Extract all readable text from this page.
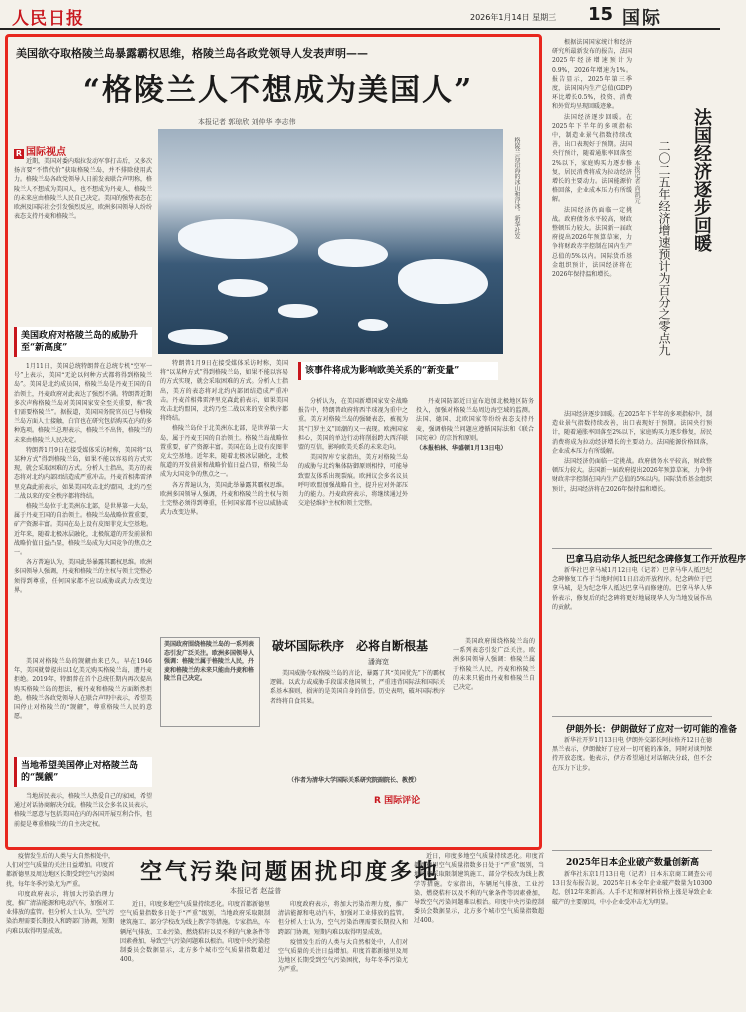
人民日报	2026年1月14日 星期三 15 国际
美国欲夺取格陵兰岛暴露霸权思维，格陵兰岛各政党领导人发表声明——
“格陵兰人不想成为美国人”
本报记者 郭琼欣 刘仲华 李志伟
R 国际视点

近期，美国对委内瑞拉发动军事打击后，又多次扬言要“不惜代价”获取格陵兰岛，并不排除使用武力。格陵兰岛各政党领导人日前发表联合声明称，格陵兰人不想成为美国人，也不想成为丹麦人，格陵兰的未来应由格陵兰人民自己决定。美国的强势表态在欧洲及国际社会引发强烈反应，欧洲多国领导人纷纷表态支持丹麦和格陵兰。

美国政府对格陵兰岛的威胁升至“新高度”

1月11日，美国总统特朗普在总统专机“空军一号”上表示，美国“无论以何种方式都将得到格陵兰岛”。美国是北约成员国，格陵兰岛是丹麦王国的自治领土，丹麦政府对此表达了强烈不满。特朗普近期多次声称格陵兰岛对美国国家安全至关重要，称“我们需要格陵兰”。据报道，美国国务院官员已与格陵兰岛方面人士接触，白宫也在研究包括购买在内的多种选项。格陵兰总理表示，格陵兰不出售，格陵兰的未来由格陵兰人民决定。

特朗普1月9日在接受媒体采访时称，美国将“以某种方式”得到格陵兰岛，如果不能以容易的方式实现，就会采取困难的方式。分析人士指出，美方的表态将对北约内部团结造成严重冲击。丹麦首相弗雷泽里克森此前表示，如果美国攻击北约盟国，北约乃至二战以来的安全秩序都将终结。

格陵兰岛位于北美洲东北部，是世界第一大岛，属于丹麦王国的自治领土。格陵兰岛战略位置重要，矿产资源丰富。美国在岛上设有皮图菲克太空基地。近年来，随着北极冰层融化，北极航道的开发前景和战略价值日益凸显，格陵兰岛成为大国竞争的焦点之一。

各方普遍认为，美国此举暴露其霸权思维。欧洲多国领导人强调，丹麦和格陵兰的主权与领土完整必须得到尊重，任何国家都不应以威胁或武力改变边界。

当地希望美国停止对格陵兰岛的“觊觎”

美国对格陵兰岛的觊觎由来已久。早在1946年，美国就曾提出以1亿美元购买格陵兰岛，遭丹麦拒绝。2019年，特朗普在首个总统任期内再次提出购买格陵兰岛的想法，被丹麦和格陵兰方面断然拒绝。格陵兰各政党领导人在联合声明中表示，希望美国停止对格陵兰的“觊觎”，尊重格陵兰人民的意愿。

当地居民表示，格陵兰人热爱自己的家园，希望通过对话协商解决分歧。格陵兰议会多名议员表示，格陵兰愿意与包括美国在内的各国开展互利合作，但前提是尊重格陵兰的自主决定权。

格陵兰岛沿海的冰山和浮冰。新华社发

特朗普1月9日在接受媒体采访时称，美国将“以某种方式”得到格陵兰岛，如果不能以容易的方式实现，就会采取困难的方式。分析人士指出，美方的表态将对北约内部团结造成严重冲击。丹麦首相弗雷泽里克森此前表示，如果美国攻击北约盟国，北约乃至二战以来的安全秩序都将终结。

格陵兰岛位于北美洲东北部，是世界第一大岛，属于丹麦王国的自治领土。格陵兰岛战略位置重要，矿产资源丰富。美国在岛上设有皮图菲克太空基地。近年来，随着北极冰层融化，北极航道的开发前景和战略价值日益凸显，格陵兰岛成为大国竞争的焦点之一。

各方普遍认为，美国此举暴露其霸权思维。欧洲多国领导人强调，丹麦和格陵兰的主权与领土完整必须得到尊重，任何国家都不应以威胁或武力改变边界。

该事件将成为影响欧美关系的“新变量”

分析认为，在美国新增国家安全战略报告中，特朗普政府将西半球视为重中之重。美方对格陵兰岛的强硬表态，被视为其“门罗主义”回潮的又一表现。欧洲国家担心，美国的单边行动将削弱跨大西洋联盟的互信，影响欧美关系的未来走向。

美国智库专家指出，美方对格陵兰岛的威胁与北约集体防御原则相悖，可能导致盟友体系出现裂痕。欧洲议会多名议员呼吁欧盟加强战略自主，提升应对外部压力的能力。丹麦政府表示，将继续通过外交途径维护主权和领土完整。

丹麦国防部近日宣布追加北极地区防务投入，加强对格陵兰岛周边海空域的监测。法国、德国、北欧国家等纷纷表态支持丹麦，强调格陵兰问题应遵循国际法和《联合国宪章》的宗旨和原则。

（本报柏林、华盛顿1月13日电）

美国政府围绕格陵兰岛的一系列表态引发广泛关注。欧洲多国领导人强调：格陵兰属于格陵兰人民，丹麦和格陵兰的未来只能由丹麦和格陵兰自己决定。
破坏国际秩序 必将自断根基
潘海宽

美国威胁夺取格陵兰岛的言论，暴露了其“美国优先”下的霸权逻辑。以武力或威胁手段谋求他国领土，严重违背国际法和国际关系基本准则，损害的是美国自身的信誉。历史表明，破坏国际秩序者终将自食其果。

美国政府围绕格陵兰岛的一系列表态引发广泛关注。欧洲多国领导人强调：格陵兰属于格陵兰人民，丹麦和格陵兰的未来只能由丹麦和格陵兰自己决定。

（作者为清华大学国际关系研究院副院长、教授）
R 国际评论

根据法国国家统计和经济研究所最新发布的报告，法国2025年经济增速预计为0.9%，2026年增速为1%。报告显示，2025年第三季度，法国国内生产总值(GDP)环比增长0.5%，投资、消费和外贸均呈现回暖迹象。

法国经济逐步回暖。在2025年下半年的多项指标中，制造业景气指数持续改善，出口表现好于预期。法国央行预计，随着通胀率回落至2%以下，家庭购买力逐步修复，居民消费将成为拉动经济增长的主要动力。法国能源价格回落，企业成本压力有所缓解。

法国经济仍面临一定挑战。政府债务水平较高，财政整顿压力较大。法国新一届政府提出2026年预算草案，力争将财政赤字控制在国内生产总值的5%以内。国际货币基金组织预计，法国经济将在2026年保持温和增长。

法国经济逐步回暖
二〇二五年经济增速预计为百分之零点九
本报记者 尚凯元

法国经济逐步回暖。在2025年下半年的多项指标中，制造业景气指数持续改善，出口表现好于预期。法国央行预计，随着通胀率回落至2%以下，家庭购买力逐步修复，居民消费将成为拉动经济增长的主要动力。法国能源价格回落，企业成本压力有所缓解。

法国经济仍面临一定挑战。政府债务水平较高，财政整顿压力较大。法国新一届政府提出2026年预算草案，力争将财政赤字控制在国内生产总值的5%以内。国际货币基金组织预计，法国经济将在2026年保持温和增长。

巴拿马启动华人抵巴纪念碑修复工作开放程序

新华社巴拿马城1月12日电（记者）巴拿马华人抵巴纪念碑修复工作于当地时间11日启动开放程序。纪念碑位于巴拿马城，是为纪念华人抵达巴拿马而修建的。巴拿马华人华侨表示，修复后的纪念碑将更好地展现华人为当地发展作出的贡献。

伊朗外长：伊朗做好了应对一切可能的准备

新华社开罗1月13日电 伊朗外交部长阿拉格齐12日在德黑兰表示，伊朗做好了应对一切可能的准备，同时对谈判保持开放态度。他表示，伊方希望通过对话解决分歧，但不会在压力下让步。

2025年日本企业破产数量创新高

新华社东京1月13日电（记者）日本东京商工调查公司13日发布报告说，2025年日本全年企业破产数量为10300起，创12年来新高。人手不足和原材料价格上涨是导致企业破产的主要原因，中小企业受冲击尤为明显。

疫情发生后的人类与大自然相处中，人们对空气质量的关注日益增加。印度首都新德里及周边地区长期受到空气污染困扰，每年冬季污染尤为严重。

印度政府表示，将加大污染治理力度，推广清洁能源和电动汽车，加强对工业排放的监管。但分析人士认为，空气污染治理需要长期投入和跨部门协调，短期内难以取得明显成效。

空气污染问题困扰印度多地
本报记者 赵益普

近日，印度多地空气质量持续恶化。印度首都新德里空气质量指数多日处于“严重”级别，当地政府采取限制建筑施工、部分学校改为线上教学等措施。专家指出，车辆尾气排放、工业污染、燃烧秸秆以及不利的气象条件等因素叠加，导致空气污染问题难以根治。印度中央污染控制委员会数据显示，北方多个城市空气质量指数超过400。

印度政府表示，将加大污染治理力度，推广清洁能源和电动汽车，加强对工业排放的监管。但分析人士认为，空气污染治理需要长期投入和跨部门协调，短期内难以取得明显成效。

疫情发生后的人类与大自然相处中，人们对空气质量的关注日益增加。印度首都新德里及周边地区长期受到空气污染困扰，每年冬季污染尤为严重。

近日，印度多地空气质量持续恶化。印度首都新德里空气质量指数多日处于“严重”级别，当地政府采取限制建筑施工、部分学校改为线上教学等措施。专家指出，车辆尾气排放、工业污染、燃烧秸秆以及不利的气象条件等因素叠加，导致空气污染问题难以根治。印度中央污染控制委员会数据显示，北方多个城市空气质量指数超过400。
